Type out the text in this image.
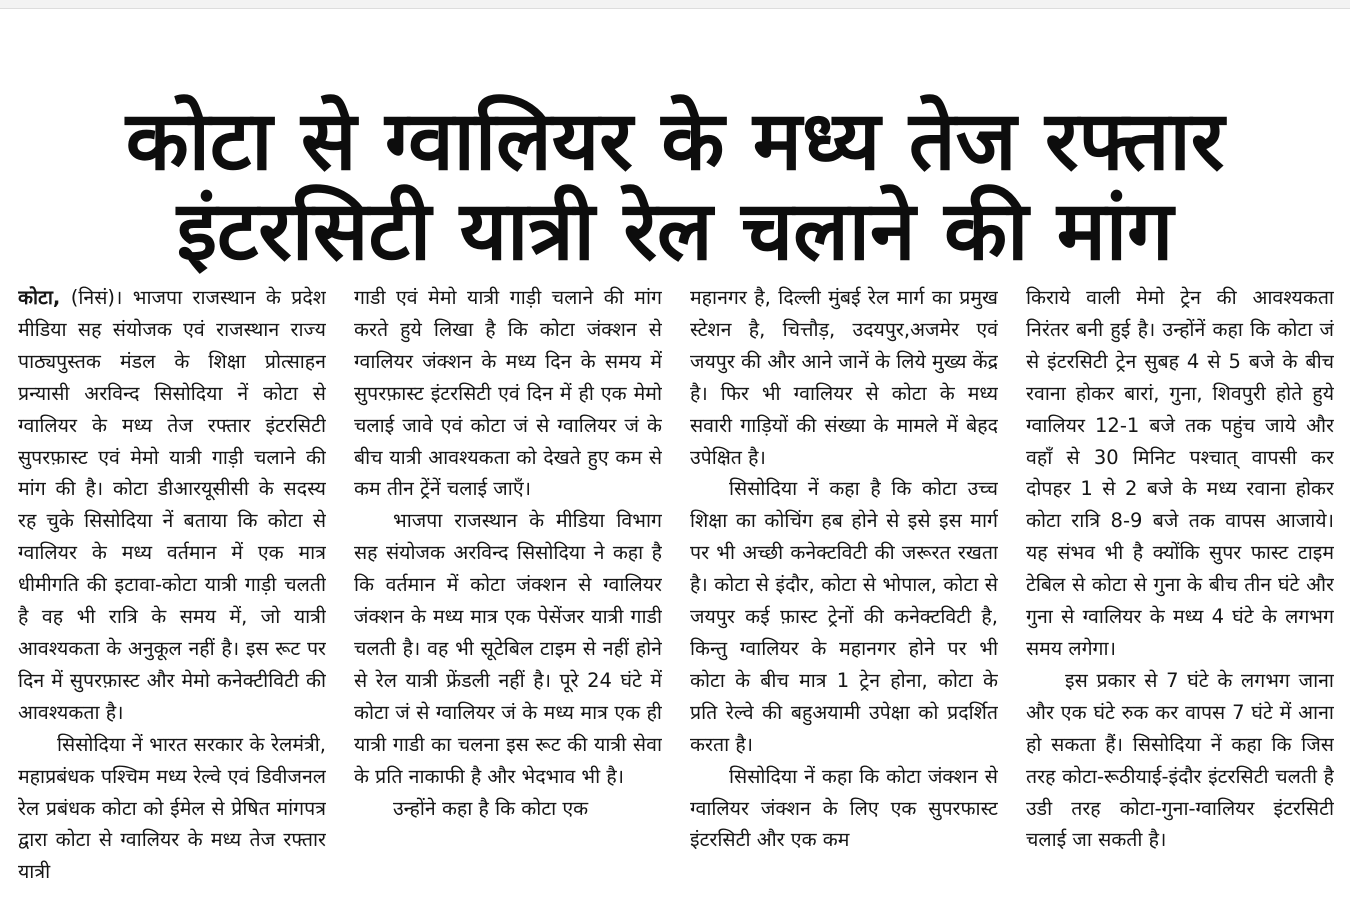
कोटा से ग्वालियर के मध्य तेज रफ्तार
इंटरसिटी यात्री रेल चलाने की मांग

कोटा, (निसं)। भाजपा राजस्थान के प्रदेश मीडिया सह संयोजक एवं राजस्थान राज्य पाठ्यपुस्तक मंडल के शिक्षा प्रोत्साहन प्रन्यासी अरविन्द सिसोदिया नें कोटा से ग्वालियर के मध्य तेज रफ्तार इंटरसिटी सुपरफ़ास्ट एवं मेमो यात्री गाड़ी चलाने की मांग की है। कोटा डीआरयूसीसी के सदस्य रह चुके सिसोदिया नें बताया कि कोटा से ग्वालियर के मध्य वर्तमान में एक मात्र धीमीगति की इटावा-कोटा यात्री गाड़ी चलती है वह भी रात्रि के समय में, जो यात्री आवश्यकता के अनुकूल नहीं है। इस रूट पर दिन में सुपरफ़ास्ट और मेमो कनेक्टीविटी की आवश्यकता है।

सिसोदिया नें भारत सरकार के रेलमंत्री, महाप्रबंधक पश्चिम मध्य रेल्वे एवं डिवीजनल रेल प्रबंधक कोटा को ईमेल से प्रेषित मांगपत्र द्वारा कोटा से ग्वालियर के मध्य तेज रफ्तार यात्री

गाडी एवं मेमो यात्री गाड़ी चलाने की मांग करते हुये लिखा है कि कोटा जंक्शन से ग्वालियर जंक्शन के मध्य दिन के समय में सुपरफ़ास्ट इंटरसिटी एवं दिन में ही एक मेमो चलाई जावे एवं कोटा जं से ग्वालियर जं के बीच यात्री आवश्यकता को देखते हुए कम से कम तीन ट्रेंनें चलाई जाएँ।

भाजपा राजस्थान के मीडिया विभाग सह संयोजक अरविन्द सिसोदिया ने कहा है कि वर्तमान में कोटा जंक्शन से ग्वालियर जंक्शन के मध्य मात्र एक पेसेंजर यात्री गाडी चलती है। वह भी सूटेबिल टाइम से नहीं होने से रेल यात्री फ्रेंडली नहीं है। पूरे 24 घंटे में कोटा जं से ग्वालियर जं के मध्य मात्र एक ही यात्री गाडी का चलना इस रूट की यात्री सेवा के प्रति नाकाफी है और भेदभाव भी है।

उन्होंने कहा है कि कोटा एक

महानगर है, दिल्ली मुंबई रेल मार्ग का प्रमुख स्टेशन है, चित्तौड़, उदयपुर,अजमेर एवं जयपुर की और आने जानें के लिये मुख्य केंद्र है। फिर भी ग्वालियर से कोटा के मध्य सवारी गाड़ियों की संख्या के मामले में बेहद उपेक्षित है।

सिसोदिया नें कहा है कि कोटा उच्च शिक्षा का कोचिंग हब होने से इसे इस मार्ग पर भी अच्छी कनेक्टविटी की जरूरत रखता है। कोटा से इंदौर, कोटा से भोपाल, कोटा से जयपुर कई फ़ास्ट ट्रेनों की कनेक्टविटी है, किन्तु ग्वालियर के महानगर होने पर भी कोटा के बीच मात्र 1 ट्रेन होना, कोटा के प्रति रेल्वे की बहुअयामी उपेक्षा को प्रदर्शित करता है।

सिसोदिया नें कहा कि कोटा जंक्शन से ग्वालियर जंक्शन के लिए एक सुपरफास्ट इंटरसिटी और एक कम

किराये वाली मेमो ट्रेन की आवश्यकता निरंतर बनी हुई है। उन्होंनें कहा कि कोटा जं से इंटरसिटी ट्रेन सुबह 4 से 5 बजे के बीच रवाना होकर बारां, गुना, शिवपुरी होते हुये ग्वालियर 12-1 बजे तक पहुंच जाये और वहाँ से 30 मिनिट पश्चात् वापसी कर दोपहर 1 से 2 बजे के मध्य रवाना होकर कोटा रात्रि 8-9 बजे तक वापस आजाये। यह संभव भी है क्योंकि सुपर फास्ट टाइम टेबिल से कोटा से गुना के बीच तीन घंटे और गुना से ग्वालियर के मध्य 4 घंटे के लगभग समय लगेगा।

इस प्रकार से 7 घंटे के लगभग जाना और एक घंटे रुक कर वापस 7 घंटे में आना हो सकता हैं। सिसोदिया नें कहा कि जिस तरह कोटा-रूठीयाई-इंदौर इंटरसिटी चलती है उडी तरह कोटा-गुना-ग्वालियर इंटरसिटी चलाई जा सकती है।
